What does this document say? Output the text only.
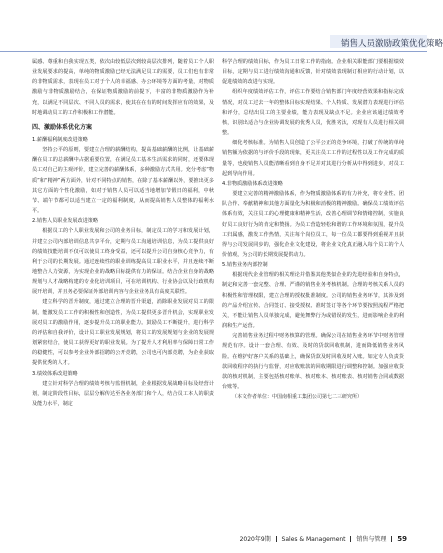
销售人员激励政策优化策略

属感、尊重和自我实现五类，依次由较低层次到较高层次排列，随着员工个人职业发展要求的提高，单纯的物质激励已经无法满足员工的需要，员工们也有非常的非物质需求，表现在员工对于个人的幸福感、办公环境等方面的考量，对物质激励与非物质激励结合，在保证物质激励的前提下，丰富的非物质激励作为补充，以满足不同层次、不同人员的需求，使其在在有的时间发挥应有的效果，及时地调动员工的工作积极和工作潜能。

四、激励体系优化方案

1.薪酬福利制度改进策略

坚持公平的原则，要建立合理的薪酬结构，提高基础薪酬的比例，让基础薪酬在员工的总薪酬中占据重要位置，在满足员工基本生活需求的同时，还要体现员工对自己的主观评价，建立完善的薪酬体系，多种激励方式共用。充分考虑“物质”和“精神”两方面外，针对不同特点的销售，在除了基本薪酬以外，要推出更多其它方面的个性化激励，如对于销售人员可以适当地增加节假日的福利，中秋节、端午节都可以适当建立一定的福利制度，从而提高销售人员整体的福利水平。

2.销售人员职业发展改进策略

根据员工的个人职业发展和公司的业务目标，制定员工的学习和发展计划，并建立公司内部培训信息共享平台，定期与员工沟通培训信息，为员工提供良好的绩效技能培训不仅可以使员工终身受益，还可以提升公司自身核心竞争力，有利于公司的长期发展。通过连续性的职业训练提高员工职业水平，并且连续不断地整合人力资源，为实现企业的战略目标提供有力的保证。结合企业自身的战略规划与人才战略构建的专业化培训项目，可在培训机构、行业协会以及行政机构展开培训，并且务必要保证外部培训内容与企业业务具有高度关联性。

建立科学的晋升制度，通过建立合理的晋升渠道，消除职业发展对员工的限制，能激发员工工作的积极性和创造性，为员工提供更多晋升机会，实现职业发展对员工的激励作用，逐步提升员工的职业能力。鼓励员工不断提升，进行科学的评估和自我评价，设计员工职业发展规划，将员工的发展规划与企业的发展规划紧密结合，使员工获得更好的职业发展。为了提升人才利用率与保障日常工作的稳健性，可以参考企业外部招聘的公开竞聘，公司也可内部竞聘，为企业获取提供优秀的人才。

3.绩效体系改进策略

建立针对科学合理的绩效考核与监督机制，企业根据发展战略目标及经营计划，制定阶段性目标，层层分解传达至各业务部门和个人，结合员工本人的职责及能力水平，制定

科学合理的绩效目标，作为员工日常工作的指南。企业相关职能部门要根据绩效目标，定期与员工进行绩效沟通和反馈，针对绩效表现制订相应的行动计划，以促进绩效的改进与实现。

组织年度绩效评估工作，评估工作要结合销售部门年度经营效果和指标完成情况，对员工过去一年的整体目标实现结果、个人特质、发展潜力表现进行评估和评分，总结出员工的主要业绩，能力表现及缺点不足。企业应该通过绩效考核，识别出适合与企业协调发展的优秀人员，优胜劣汰，对现有人员进行相关调整。

细化考核标准。为销售人员创造了公平公正的竞争环境，打破了传统的单纯销售额为依据的与评价手段的现象，更关注员工工作的过程性以及工作完成的质量等，也使销售人员能清晰看到自身不足并对其进行分析从中得到进步，对员工起到导向作用。

4.非物质激励体系改进策略

要建立完善的精神激励体系，作为物质激励体系的有力补充，将专业性、团队合作、奉献精神和其他方面量化为积极和消极的精神激励。确保员工绩效评估体系有效，关注员工的心理健康和精神生活，改善心理调节和情绪控制，实施良好员工良好行为的肯定和赞扬。为员工营造轻松和谐的工作环境和氛围，提升员工归属感，激发工作热情，关注每个岗位员工，每一位员工都要得到重视并且获得与公司发展同步的，强化企业文化建设，将企业文化真正融入每个员工的个人价值观，为公司的长期发展提供动力。

5.销售业务内部控制

根据现代企业管理的相关理论并借鉴其他类似企业的先进经验和自身特点，制定和完善一套完整、合理、严谨的销售业务考核机制。合理的考核关系人员的积极性和管理权限，建立合理的授权批准制度。公司的销售业务环节，其涉及到的产品介绍宣传、合同签订、接受授权、准时签订等各个环节要按照流程严格把关，不能让销售人员单独完成，避免舞弊行为或错误的发生，进而影响企业的利润和生产运营。

完善销售业务过程中财务核算的管理。确保公司在销售业务环节中财务管理规范有序。设计一套合理、有效、及时的货款回收机制，进而降低销售业务风险。在维护好客户关系的基础上，确保货款及时回收及时入账。如定专人负责货款回收程序的执行与监督，对应收账款的回收期限进行调整和控制。加强应收货款的核对机制，主要包括核对账单、核对账本、核对账表、核对销售合同或数据台账等。

（本文作者单位：中国南相重工集团公司第七二三研究所）

2020年9期 Sales & Management 销售与管理 59
